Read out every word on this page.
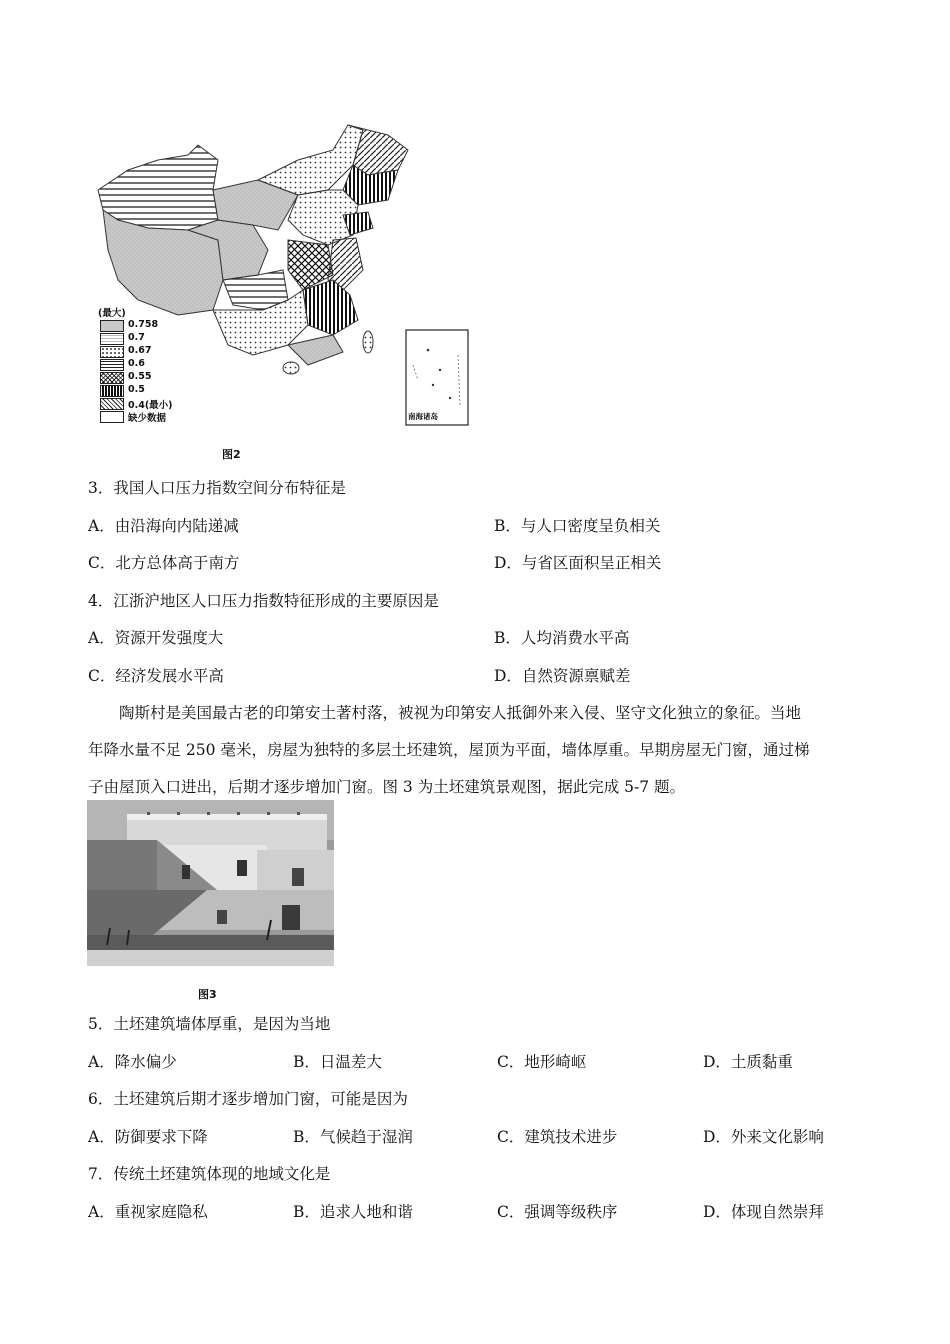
(最大)
0.758
0.7
0.67
0.6
0.55
0.5
0.4(最小)
缺少数据	南海诸岛
图2
3．我国人口压力指数空间分布特征是
A．由沿海向内陆递减	B．与人口密度呈负相关
C．北方总体高于南方	D．与省区面积呈正相关
4．江浙沪地区人口压力指数特征形成的主要原因是
A．资源开发强度大	B．人均消费水平高
C．经济发展水平高	D．自然资源禀赋差
陶斯村是美国最古老的印第安土著村落，被视为印第安人抵御外来入侵、坚守文化独立的象征。当地
年降水量不足 250 毫米，房屋为独特的多层土坯建筑，屋顶为平面，墙体厚重。早期房屋无门窗，通过梯
子由屋顶入口进出，后期才逐步增加门窗。图 3 为土坯建筑景观图，据此完成 5-7 题。
图3
5．土坯建筑墙体厚重，是因为当地
A．降水偏少	B．日温差大	C．地形崎岖	D．土质黏重
6．土坯建筑后期才逐步增加门窗，可能是因为
A．防御要求下降	B．气候趋于湿润	C．建筑技术进步	D．外来文化影响
7．传统土坯建筑体现的地域文化是
A．重视家庭隐私	B．追求人地和谐	C．强调等级秩序	D．体现自然崇拜
